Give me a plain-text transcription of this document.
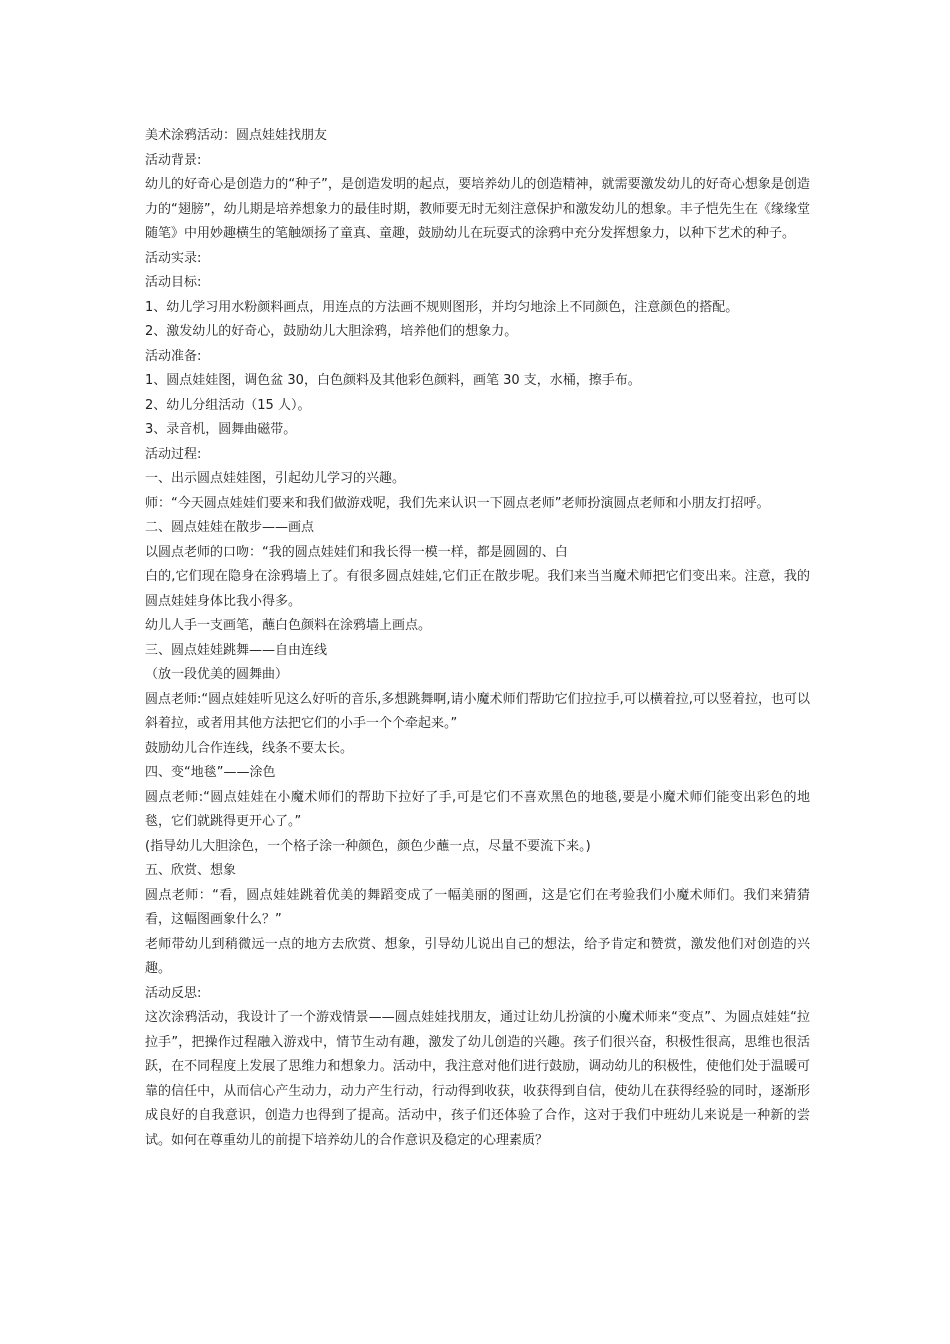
美术涂鸦活动：圆点娃娃找朋友

活动背景:

幼儿的好奇心是创造力的“种子”，是创造发明的起点，要培养幼儿的创造精神，就需要激发幼儿的好奇心想象是创造力的“翅膀”，幼儿期是培养想象力的最佳时期，教师要无时无刻注意保护和激发幼儿的想象。丰子恺先生在《缘缘堂随笔》中用妙趣横生的笔触颂扬了童真、童趣，鼓励幼儿在玩耍式的涂鸦中充分发挥想象力，以种下艺术的种子。

活动实录:

活动目标:

1、幼儿学习用水粉颜料画点，用连点的方法画不规则图形，并均匀地涂上不同颜色，注意颜色的搭配。

2、激发幼儿的好奇心，鼓励幼儿大胆涂鸦，培养他们的想象力。

活动准备:

1、圆点娃娃图，调色盆 30，白色颜料及其他彩色颜料，画笔 30 支，水桶，擦手布。

2、幼儿分组活动（15 人）。

3、录音机，圆舞曲磁带。

活动过程:

一、出示圆点娃娃图，引起幼儿学习的兴趣。

师：“今天圆点娃娃们要来和我们做游戏呢，我们先来认识一下圆点老师”老师扮演圆点老师和小朋友打招呼。

二、圆点娃娃在散步——画点

以圆点老师的口吻：“我的圆点娃娃们和我长得一模一样，都是圆圆的、白

白的,它们现在隐身在涂鸦墙上了。有很多圆点娃娃,它们正在散步呢。我们来当当魔术师把它们变出来。注意，我的圆点娃娃身体比我小得多。

幼儿人手一支画笔，蘸白色颜料在涂鸦墙上画点。

三、圆点娃娃跳舞——自由连线

（放一段优美的圆舞曲）

圆点老师:“圆点娃娃听见这么好听的音乐,多想跳舞啊,请小魔术师们帮助它们拉拉手,可以横着拉,可以竖着拉，也可以斜着拉，或者用其他方法把它们的小手一个个牵起来。”

鼓励幼儿合作连线，线条不要太长。

四、变“地毯”——涂色

圆点老师:“圆点娃娃在小魔术师们的帮助下拉好了手,可是它们不喜欢黑色的地毯,要是小魔术师们能变出彩色的地毯，它们就跳得更开心了。”

(指导幼儿大胆涂色，一个格子涂一种颜色，颜色少蘸一点，尽量不要流下来。)

五、欣赏、想象

圆点老师：“看，圆点娃娃跳着优美的舞蹈变成了一幅美丽的图画，这是它们在考验我们小魔术师们。我们来猜猜看，这幅图画象什么？”

老师带幼儿到稍微远一点的地方去欣赏、想象，引导幼儿说出自己的想法，给予肯定和赞赏，激发他们对创造的兴趣。

活动反思:

这次涂鸦活动，我设计了一个游戏情景——圆点娃娃找朋友，通过让幼儿扮演的小魔术师来“变点”、为圆点娃娃“拉拉手”，把操作过程融入游戏中，情节生动有趣，激发了幼儿创造的兴趣。孩子们很兴奋，积极性很高，思维也很活跃，在不同程度上发展了思维力和想象力。活动中，我注意对他们进行鼓励，调动幼儿的积极性，使他们处于温暖可靠的信任中，从而信心产生动力，动力产生行动，行动得到收获，收获得到自信，使幼儿在获得经验的同时，逐渐形成良好的自我意识，创造力也得到了提高。活动中，孩子们还体验了合作，这对于我们中班幼儿来说是一种新的尝试。如何在尊重幼儿的前提下培养幼儿的合作意识及稳定的心理素质？
